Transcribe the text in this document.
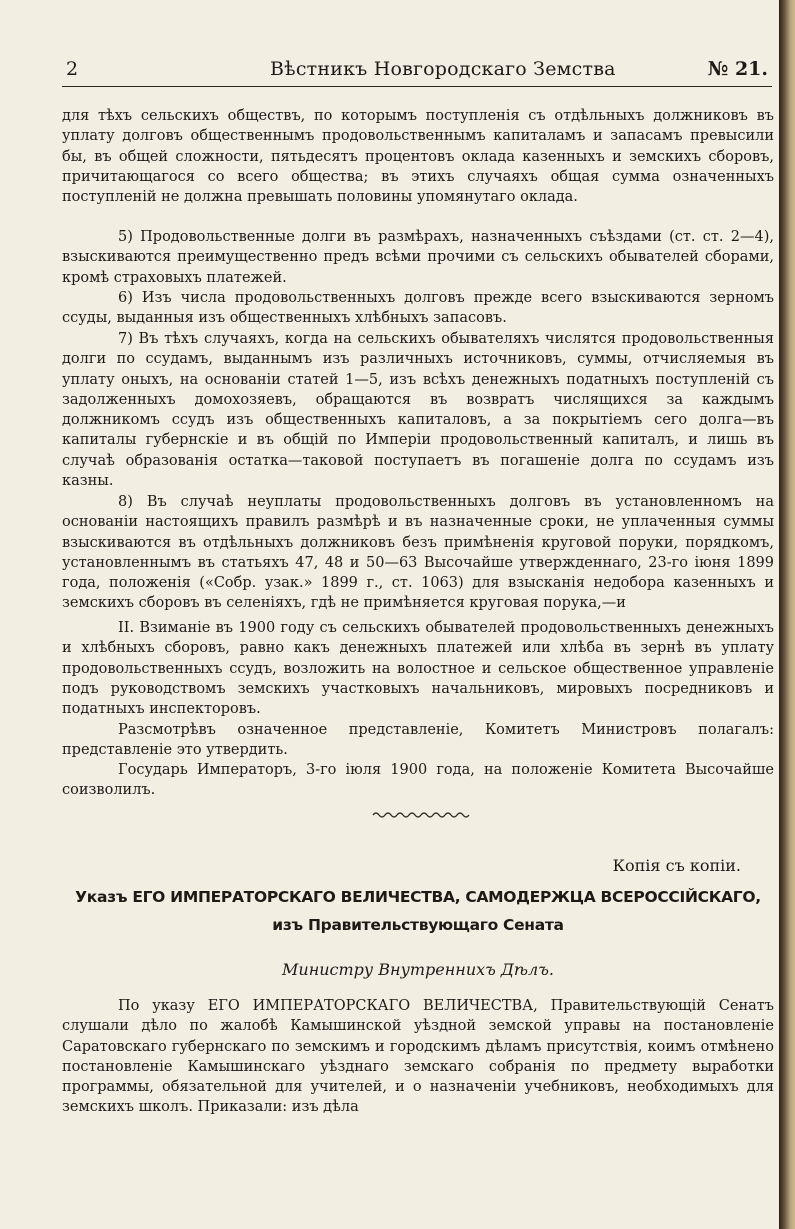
2	Вѣстникъ Новгородскаго Земства	№ 21.

для тѣхъ сельскихъ обществъ, по которымъ поступленія съ отдѣльныхъ должниковъ въ уплату долговъ общественнымъ продовольственнымъ капиталамъ и запасамъ превысили бы, въ общей сложности, пятьдесятъ процентовъ оклада казенныхъ и земскихъ сборовъ, причитающагося со всего общества; въ этихъ случаяхъ общая сумма означенныхъ поступленій не должна превышать половины упомянутаго оклада.

5) Продовольственные долги въ размѣрахъ, назначенныхъ съѣздами (ст. ст. 2—4), взыскиваются преимущественно предъ всѣми прочими съ сельскихъ обывателей сборами, кромѣ страховыхъ платежей.

6) Изъ числа продовольственныхъ долговъ прежде всего взыскиваются зерномъ ссуды, выданныя изъ общественныхъ хлѣбныхъ запасовъ.

7) Въ тѣхъ случаяхъ, когда на сельскихъ обывателяхъ числятся продовольственныя долги по ссудамъ, выданнымъ изъ различныхъ источниковъ, суммы, отчисляемыя въ уплату оныхъ, на основаніи статей 1—5, изъ всѣхъ денежныхъ податныхъ поступленій съ задолженныхъ домохозяевъ, обращаются въ возвратъ числящихся за каждымъ должникомъ ссудъ изъ общественныхъ капиталовъ, а за покрытіемъ сего долга—въ капиталы губернскіе и въ общій по Имперіи продовольственный капиталъ, и лишь въ случаѣ образованія остатка—таковой поступаетъ въ погашеніе долга по ссудамъ изъ казны.

8) Въ случаѣ неуплаты продовольственныхъ долговъ въ установленномъ на основаніи настоящихъ правилъ размѣрѣ и въ назначенные сроки, не уплаченныя суммы взыскиваются въ отдѣльныхъ должниковъ безъ примѣненія круговой поруки, порядкомъ, установленнымъ въ статьяхъ 47, 48 и 50—63 Высочайше утвержденнаго, 23-го іюня 1899 года, положенія («Собр. узак.» 1899 г., ст. 1063) для взысканія недобора казенныхъ и земскихъ сборовъ въ селеніяхъ, гдѣ не примѣняется круговая порука,—и

II. Взиманіе въ 1900 году съ сельскихъ обывателей продовольственныхъ денежныхъ и хлѣбныхъ сборовъ, равно какъ денежныхъ платежей или хлѣба въ зернѣ въ уплату продовольственныхъ ссудъ, возложить на волостное и сельское общественное управленіе подъ руководствомъ земскихъ участковыхъ начальниковъ, мировыхъ посредниковъ и податныхъ инспекторовъ.

Разсмотрѣвъ означенное представленіе, Комитетъ Министровъ полагалъ: представленіе это утвердить.

Государь Императоръ, 3-го іюля 1900 года, на положеніе Комитета Высочайше соизволилъ.

Копія съ копіи.
Указъ ЕГО ИМПЕРАТОРСКАГО ВЕЛИЧЕСТВА, САМОДЕРЖЦА ВСЕРОССІЙСКАГО, изъ Правительствующаго Сената
Министру Внутреннихъ Дѣлъ.

По указу ЕГО ИМПЕРАТОРСКАГО ВЕЛИЧЕСТВА, Правительствующій Сенатъ слушали дѣло по жалобѣ Камышинской уѣздной земской управы на постановленіе Саратовскаго губернскаго по земскимъ и городскимъ дѣламъ присутствія, коимъ отмѣнено постановленіе Камышинскаго уѣзднаго земскаго собранія по предмету выработки программы, обязательной для учителей, и о назначеніи учебниковъ, необходимыхъ для земскихъ школъ. Приказали: изъ дѣла
